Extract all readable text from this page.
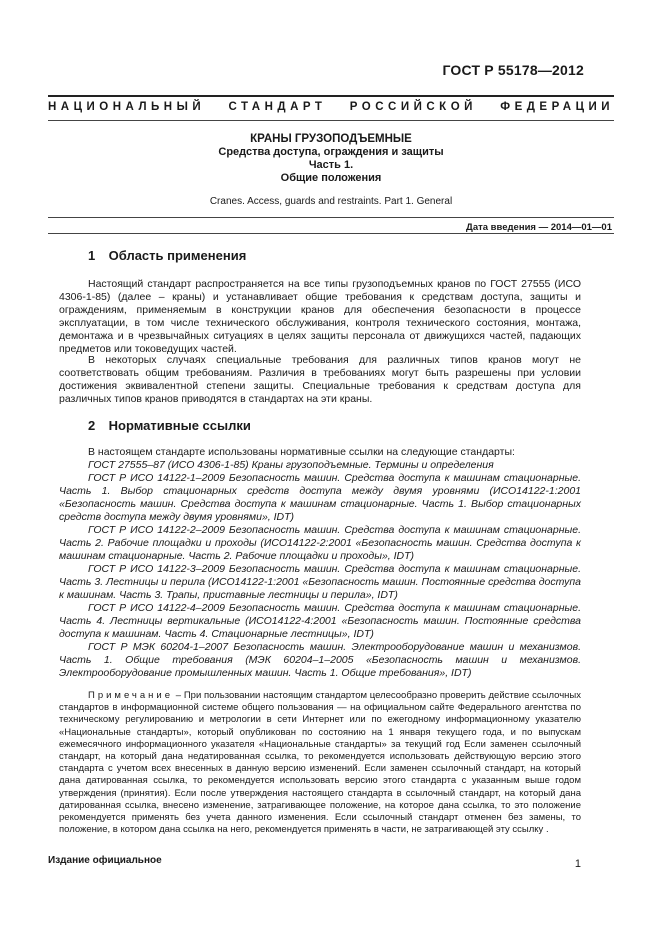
ГОСТ Р 55178—2012
НАЦИОНАЛЬНЫЙ СТАНДАРТ РОССИЙСКОЙ ФЕДЕРАЦИИ
КРАНЫ ГРУЗОПОДЪЕМНЫЕ
Средства доступа, ограждения и защиты
Часть 1.
Общие положения
Cranes. Access, guards and restraints. Part 1. General
Дата введения — 2014—01—01
1 Область применения

Настоящий стандарт распространяется на все типы грузоподъемных кранов по ГОСТ 27555 (ИСО 4306-1-85) (далее – краны) и устанавливает общие требования к средствам доступа, защиты и ограждениям, применяемым в конструкции кранов для обеспечения безопасности в процессе эксплуатации, в том числе технического обслуживания, контроля технического состояния, монтажа, демонтажа и в чрезвычайных ситуациях в целях защиты персонала от движущихся частей, падающих предметов или токоведущих частей.

В некоторых случаях специальные требования для различных типов кранов могут не соответствовать общим требованиям. Различия в требованиях могут быть разрешены при условии достижения эквивалентной степени защиты. Специальные требования к средствам доступа для различных типов кранов приводятся в стандартах на эти краны.

2 Нормативные ссылки

В настоящем стандарте использованы нормативные ссылки на следующие стандарты:

ГОСТ 27555–87 (ИСО 4306-1-85) Краны грузоподъемные. Термины и определения

ГОСТ Р ИСО 14122-1–2009 Безопасность машин. Средства доступа к машинам стационарные. Часть 1. Выбор стационарных средств доступа между двумя уровнями (ИСО14122-1:2001 «Безопасность машин. Средства доступа к машинам стационарные. Часть 1. Выбор стационарных средств доступа между двумя уровнями», IDT)

ГОСТ Р ИСО 14122-2–2009 Безопасность машин. Средства доступа к машинам стационарные. Часть 2. Рабочие площадки и проходы (ИСО14122-2:2001 «Безопасность машин. Средства доступа к машинам стационарные. Часть 2. Рабочие площадки и проходы», IDT)

ГОСТ Р ИСО 14122-3–2009 Безопасность машин. Средства доступа к машинам стационарные. Часть 3. Лестницы и перила (ИСО14122-1:2001 «Безопасность машин. Постоянные средства доступа к машинам. Часть 3. Трапы, приставные лестницы и перила», IDT)

ГОСТ Р ИСО 14122-4–2009 Безопасность машин. Средства доступа к машинам стационарные. Часть 4. Лестницы вертикальные (ИСО14122-4:2001 «Безопасность машин. Постоянные средства доступа к машинам. Часть 4. Стационарные лестницы», IDT)

ГОСТ Р МЭК 60204-1–2007 Безопасность машин. Электрооборудование машин и механизмов. Часть 1. Общие требования (МЭК 60204–1–2005 «Безопасность машин и механизмов. Электрооборудование промышленных машин. Часть 1. Общие требования», IDT)

Примечание – При пользовании настоящим стандартом целесообразно проверить действие ссылочных стандартов в информационной системе общего пользования — на официальном сайте Федерального агентства по техническому регулированию и метрологии в сети Интернет или по ежегодному информационному указателю «Национальные стандарты», который опубликован по состоянию на 1 января текущего года, и по выпускам ежемесячного информационного указателя «Национальные стандарты» за текущий год Если заменен ссылочный стандарт, на который дана недатированная ссылка, то рекомендуется использовать действующую версию этого стандарта с учетом всех внесенных в данную версию изменений. Если заменен ссылочный стандарт, на который дана датированная ссылка, то рекомендуется использовать версию этого стандарта с указанным выше годом утверждения (принятия). Если после утверждения настоящего стандарта в ссылочный стандарт, на который дана датированная ссылка, внесено изменение, затрагивающее положение, на которое дана ссылка, то это положение рекомендуется применять без учета данного изменения. Если ссылочный стандарт отменен без замены, то положение, в котором дана ссылка на него, рекомендуется применять в части, не затрагивающей эту ссылку .

Издание официальное	1
